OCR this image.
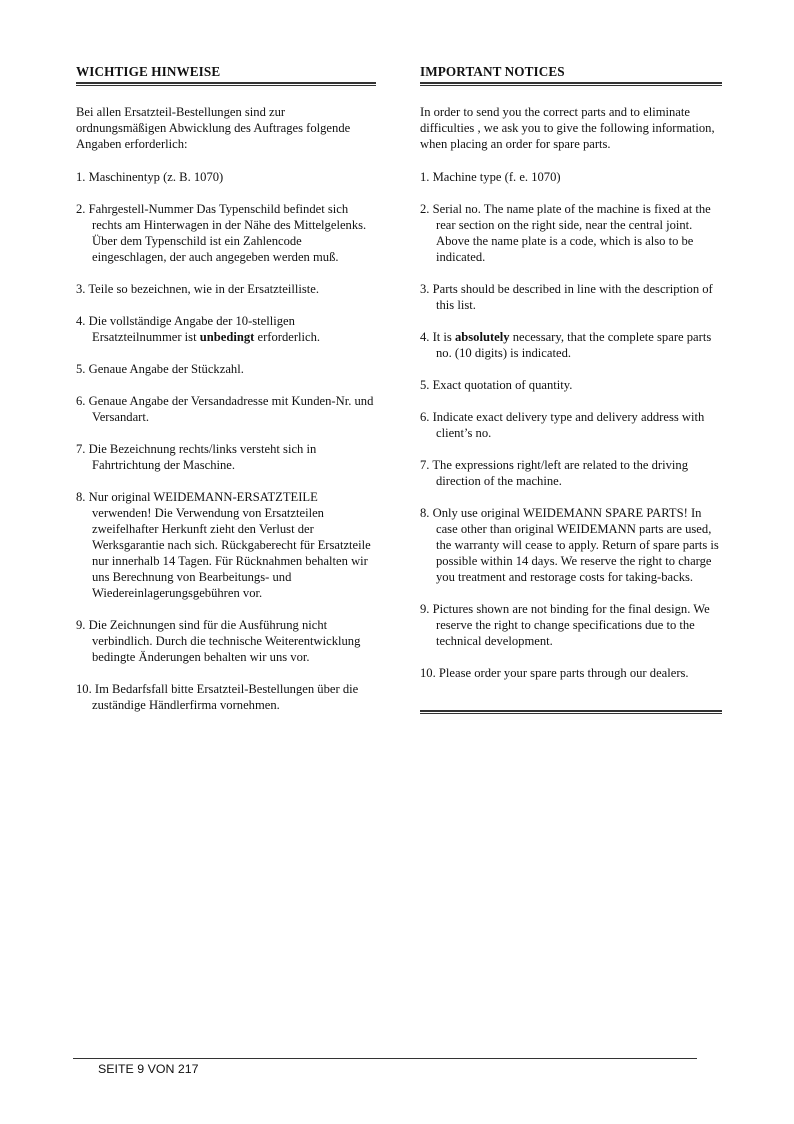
WICHTIGE HINWEISE
Bei allen Ersatzteil-Bestellungen sind zur ordnungsmäßigen Abwicklung des Auftrages folgende Angaben erforderlich:
1. Maschinentyp (z. B. 1070)
2. Fahrgestell-Nummer Das Typenschild befindet sich rechts am Hinterwagen in der Nähe des Mittelgelenks. Über dem Typenschild ist ein Zahlencode eingeschlagen, der auch angegeben werden muß.
3. Teile so bezeichnen, wie in der Ersatzteilliste.
4. Die vollständige Angabe der 10-stelligen Ersatzteilnummer ist unbedingt erforderlich.
5. Genaue Angabe der Stückzahl.
6. Genaue Angabe der Versandadresse mit Kunden-Nr. und Versandart.
7. Die Bezeichnung rechts/links versteht sich in Fahrtrichtung der Maschine.
8. Nur original WEIDEMANN-ERSATZTEILE verwenden! Die Verwendung von Ersatzteilen zweifelhafter Herkunft zieht den Verlust der Werksgarantie nach sich. Rückgaberecht für Ersatzteile nur innerhalb 14 Tagen. Für Rücknahmen behalten wir uns Berechnung von Bearbeitungs- und Wiedereinlagerungsgebühren vor.
9. Die Zeichnungen sind für die Ausführung nicht verbindlich. Durch die technische Weiterentwicklung bedingte Änderungen behalten wir uns vor.
10. Im Bedarfsfall bitte Ersatzteil-Bestellungen über die zuständige Händlerfirma vornehmen.
IMPORTANT NOTICES
In order to send you the correct parts and to eliminate difficulties , we ask you to give the following information, when placing an order for spare parts.
1. Machine type (f. e. 1070)
2. Serial no. The name plate of the machine is fixed at the rear section on the right side, near the central joint. Above the name plate is a code, which is also to be indicated.
3. Parts should be described in line with the description of this list.
4. It is absolutely necessary, that the complete spare parts no. (10 digits) is indicated.
5. Exact quotation of quantity.
6. Indicate exact delivery type and delivery address with client’s no.
7. The expressions right/left are related to the driving direction of the machine.
8. Only use original WEIDEMANN SPARE PARTS! In case other than original WEIDEMANN parts are used, the warranty will cease to apply. Return of spare parts is possible within 14 days. We reserve the right to charge you treatment and restorage costs for taking-backs.
9. Pictures shown are not binding for the final design. We reserve the right to change specifications due to the technical development.
10. Please order your spare parts through our dealers.
SEITE 9 VON 217
